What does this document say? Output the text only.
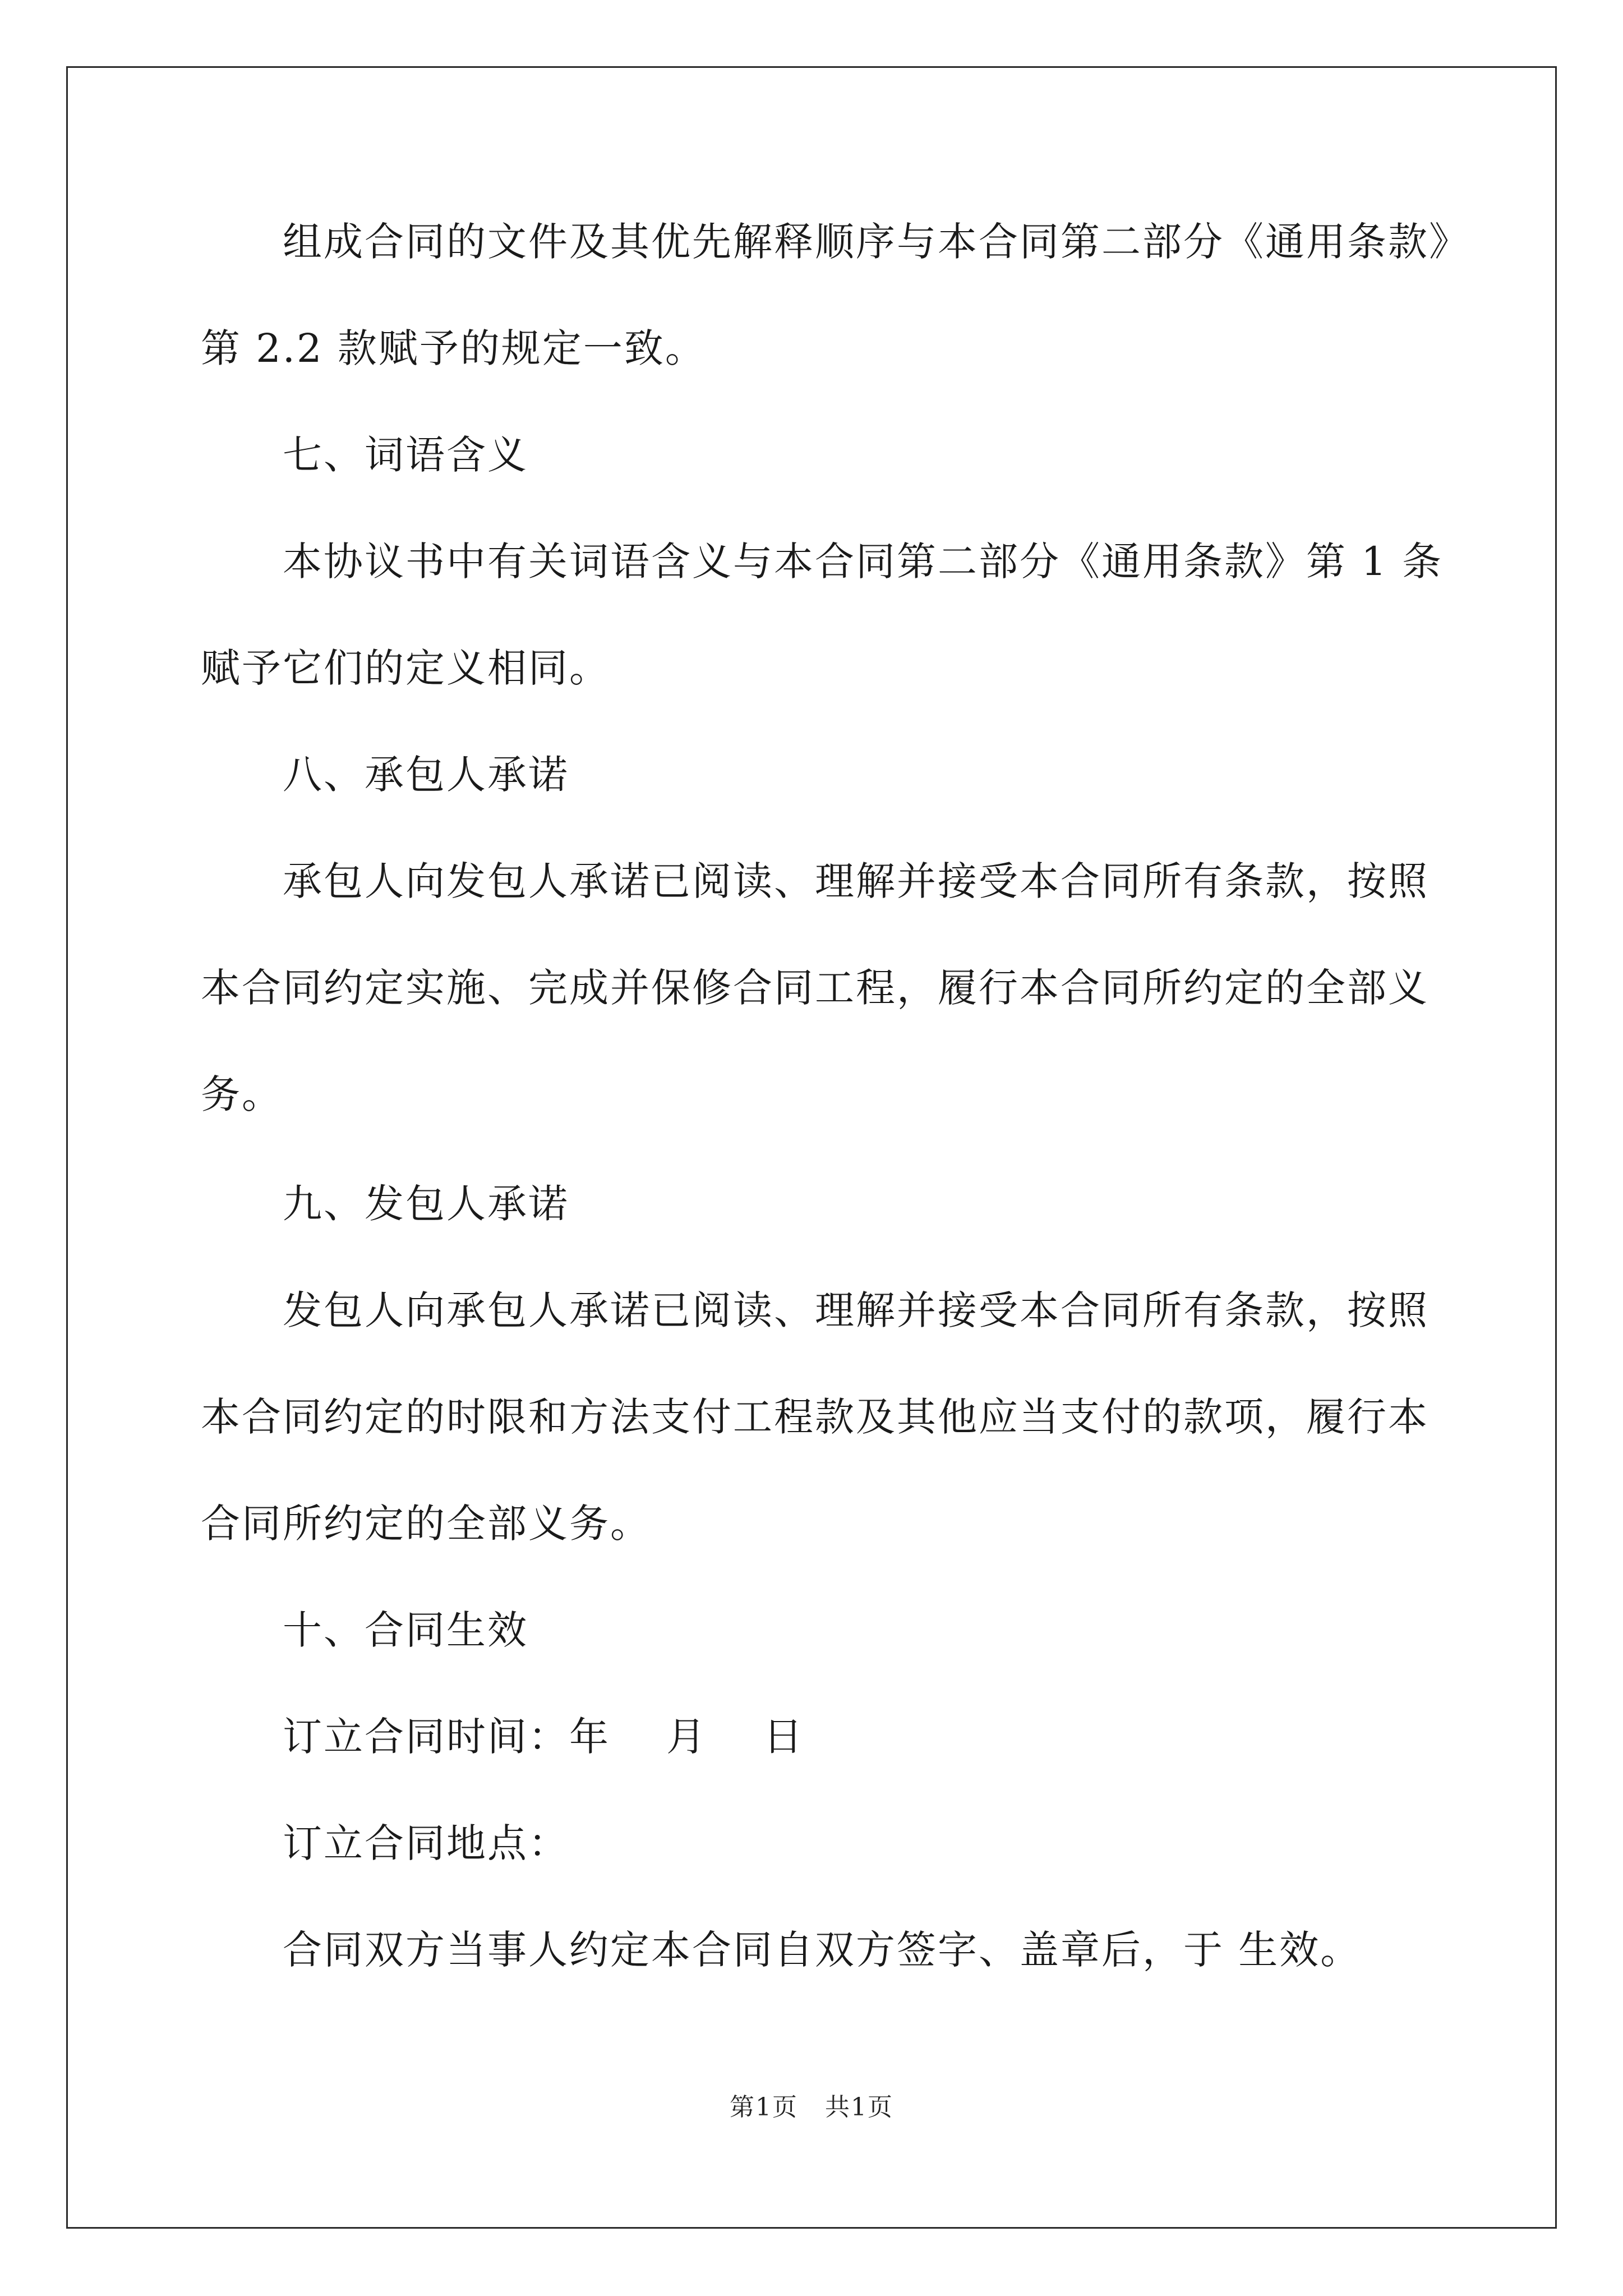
组成合同的文件及其优先解释顺序与本合同第二部分《通用条款》
第 2.2 款赋予的规定一致。
七、词语含义
本协议书中有关词语含义与本合同第二部分《通用条款》第 1 条
赋予它们的定义相同。
八、承包人承诺
承包人向发包人承诺已阅读、理解并接受本合同所有条款，按照
本合同约定实施、完成并保修合同工程，履行本合同所约定的全部义
务。
九、发包人承诺
发包人向承包人承诺已阅读、理解并接受本合同所有条款，按照
本合同约定的时限和方法支付工程款及其他应当支付的款项，履行本
合同所约定的全部义务。
十、合同生效
订立合同时间：年 月 日
订立合同地点：
合同双方当事人约定本合同自双方签字、盖章后，于 生效。
第1页 共1页
